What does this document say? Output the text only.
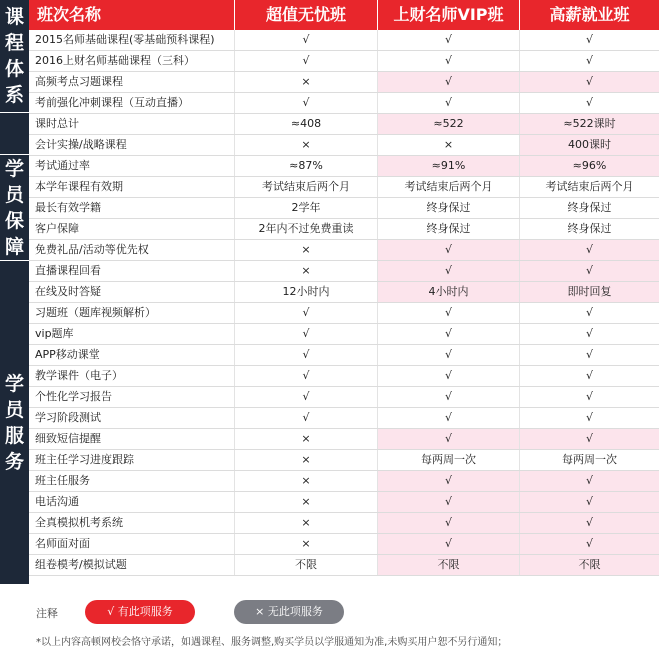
课
程
体
系
学
员
保
障
学
员
服
务
班次名称	超值无忧班	上财名师VIP班	高薪就业班
2015名师基础课程(零基础预科课程)	√	√	√
2016上财名师基础课程（三科）	√	√	√
高频考点习题课程	×	√	√
考前强化冲刺课程（互动直播）	√	√	√
课时总计	≈408	≈522	≈522课时
会计实操/战略课程	×	×	400课时
考试通过率	≈87%	≈91%	≈96%
本学年课程有效期	考试结束后两个月	考试结束后两个月	考试结束后两个月
最长有效学籍	2学年	终身保过	终身保过
客户保障	2年内不过免费重读	终身保过	终身保过
免费礼品/活动等优先权	×	√	√
直播课程回看	×	√	√
在线及时答疑	12小时内	4小时内	即时回复
习题班（题库视频解析）	√	√	√
vip题库	√	√	√
APP移动课堂	√	√	√
教学课件（电子）	√	√	√
个性化学习报告	√	√	√
学习阶段测试	√	√	√
细致短信提醒	×	√	√
班主任学习进度跟踪	×	每两周一次	每两周一次
班主任服务	×	√	√
电话沟通	×	√	√
全真模拟机考系统	×	√	√
名师面对面	×	√	√
组卷模考/模拟试题	不限	不限	不限
注释	√ 有此项服务	× 无此项服务
*以上内容高顿网校会恪守承诺，如遇课程、服务调整,购买学员以学服通知为准,未购买用户恕不另行通知；
